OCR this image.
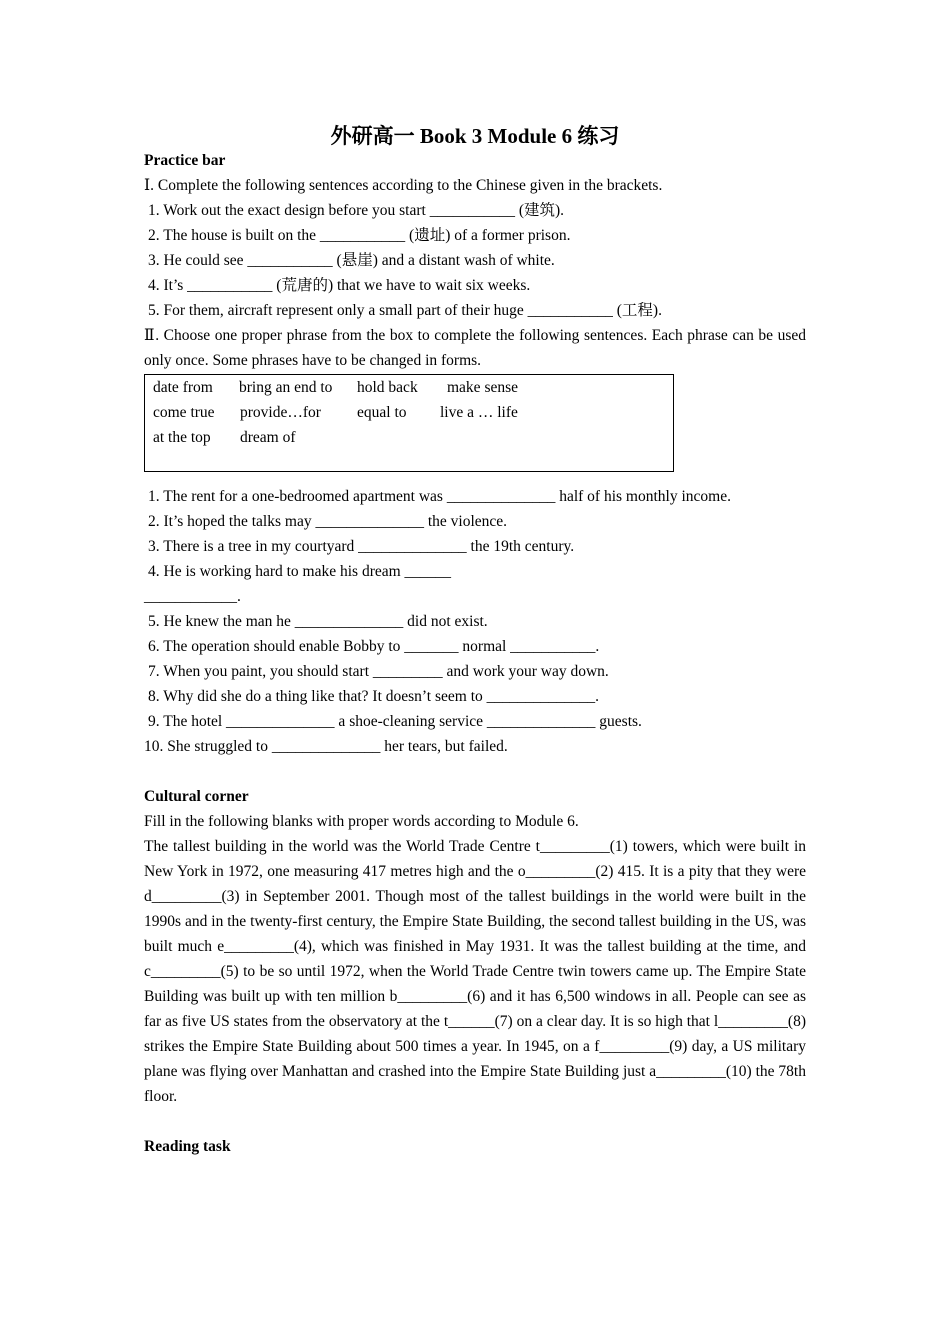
外研高一 Book 3 Module 6 练习
Practice bar
Ⅰ. Complete the following sentences according to the Chinese given in the brackets.
1. Work out the exact design before you start ___________ (建筑).
2. The house is built on the ___________ (遗址) of a former prison.
3. He could see ___________ (悬崖) and a distant wash of white.
4. It’s ___________ (荒唐的) that we have to wait six weeks.
5. For them, aircraft represent only a small part of their huge ___________ (工程).
Ⅱ. Choose one proper phrase from the box to complete the following sentences. Each phrase can be used only once. Some phrases have to be changed in forms.
date from	bring an end to	hold back	make sense
come true	provide…for	equal to	live a … life
at the top	dream of
1. The rent for a one-bedroomed apartment was ______________ half of his monthly income.
2. It’s hoped the talks may ______________ the violence.
3. There is a tree in my courtyard ______________ the 19th century.
4. He is working hard to make his dream ______
____________.
5. He knew the man he ______________ did not exist.
6. The operation should enable Bobby to _______ normal ___________.
7. When you paint, you should start _________ and work your way down.
8. Why did she do a thing like that? It doesn’t seem to ______________.
9. The hotel ______________ a shoe-cleaning service ______________ guests.
10. She struggled to ______________ her tears, but failed.
Cultural corner
Fill in the following blanks with proper words according to Module 6.
The tallest building in the world was the World Trade Centre t_________(1) towers, which were built in New York in 1972, one measuring 417 metres high and the o_________(2) 415. It is a pity that they were d_________(3) in September 2001. Though most of the tallest buildings in the world were built in the 1990s and in the twenty-first century, the Empire State Building, the second tallest building in the US, was built much e_________(4), which was finished in May 1931. It was the tallest building at the time, and c_________(5) to be so until 1972, when the World Trade Centre twin towers came up. The Empire State Building was built up with ten million b_________(6) and it has 6,500 windows in all. People can see as far as five US states from the observatory at the t______(7) on a clear day. It is so high that l_________(8) strikes the Empire State Building about 500 times a year. In 1945, on a f_________(9) day, a US military plane was flying over Manhattan and crashed into the Empire State Building just a_________(10) the 78th floor.
Reading task
